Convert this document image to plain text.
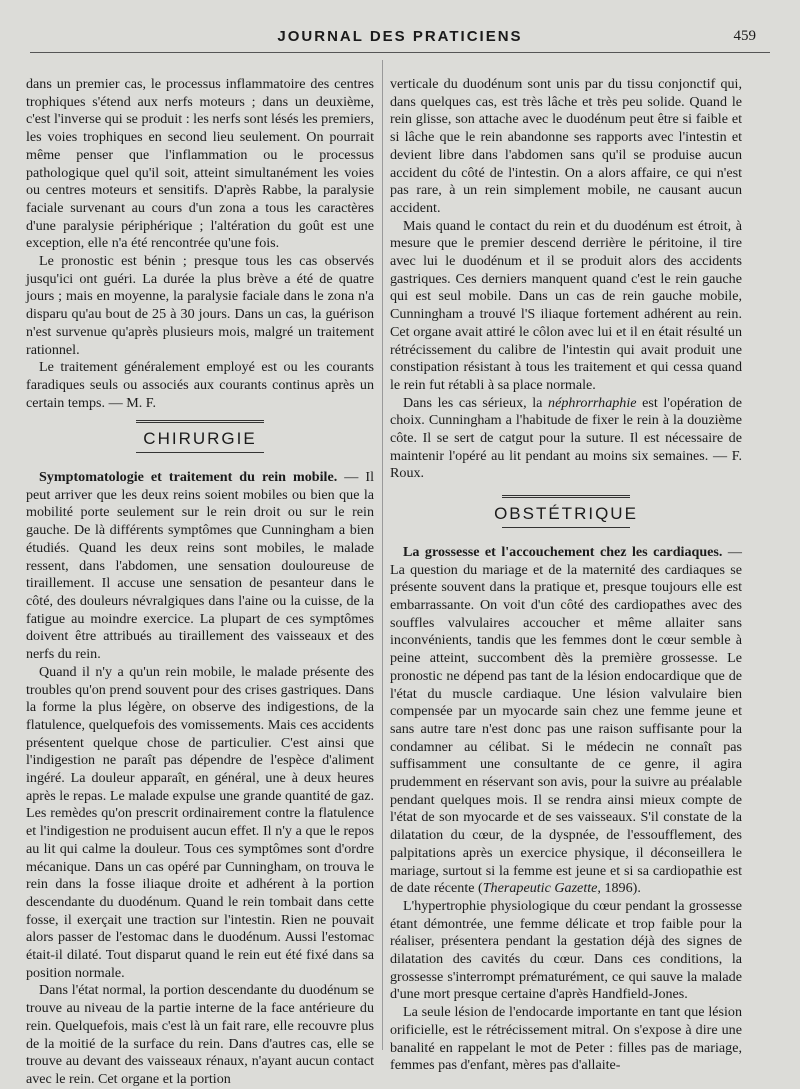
JOURNAL DES PRATICIENS	459

dans un premier cas, le processus inflammatoire des centres trophiques s'étend aux nerfs moteurs ; dans un deuxième, c'est l'inverse qui se produit : les nerfs sont lésés les premiers, les voies trophiques en second lieu seulement. On pourrait même penser que l'inflammation ou le processus pathologique quel qu'il soit, atteint simultanément les voies ou centres moteurs et sensitifs. D'après Rabbe, la paralysie faciale survenant au cours d'un zona a tous les caractères d'une paralysie périphérique ; l'altération du goût est une exception, elle n'a été rencontrée qu'une fois.

Le pronostic est bénin ; presque tous les cas observés jusqu'ici ont guéri. La durée la plus brève a été de quatre jours ; mais en moyenne, la paralysie faciale dans le zona n'a disparu qu'au bout de 25 à 30 jours. Dans un cas, la guérison n'est survenue qu'après plusieurs mois, malgré un traitement rationnel.

Le traitement généralement employé est ou les courants faradiques seuls ou associés aux courants continus après un certain temps. — M. F.

CHIRURGIE

Symptomatologie et traitement du rein mobile. — Il peut arriver que les deux reins soient mobiles ou bien que la mobilité porte seulement sur le rein droit ou sur le rein gauche. De là différents symptômes que Cunningham a bien étudiés. Quand les deux reins sont mobiles, le malade ressent, dans l'abdomen, une sensation douloureuse de tiraillement. Il accuse une sensation de pesanteur dans le côté, des douleurs névralgiques dans l'aine ou la cuisse, de la fatigue au moindre exercice. La plupart de ces symptômes doivent être attribués au tiraillement des vaisseaux et des nerfs du rein.

Quand il n'y a qu'un rein mobile, le malade présente des troubles qu'on prend souvent pour des crises gastriques. Dans la forme la plus légère, on observe des indigestions, de la flatulence, quelquefois des vomissements. Mais ces accidents présentent quelque chose de particulier. C'est ainsi que l'indigestion ne paraît pas dépendre de l'espèce d'aliment ingéré. La douleur apparaît, en général, une à deux heures après le repas. Le malade expulse une grande quantité de gaz. Les remèdes qu'on prescrit ordinairement contre la flatulence et l'indigestion ne produisent aucun effet. Il n'y a que le repos au lit qui calme la douleur. Tous ces symptômes sont d'ordre mécanique. Dans un cas opéré par Cunningham, on trouva le rein dans la fosse iliaque droite et adhérent à la portion descendante du duodénum. Quand le rein tombait dans cette fosse, il exerçait une traction sur l'intestin. Rien ne pouvait alors passer de l'estomac dans le duodénum. Aussi l'estomac était-il dilaté. Tout disparut quand le rein eut été fixé dans sa position normale.

Dans l'état normal, la portion descendante du duodénum se trouve au niveau de la partie interne de la face antérieure du rein. Quelquefois, mais c'est là un fait rare, elle recouvre plus de la moitié de la surface du rein. Dans d'autres cas, elle se trouve au devant des vaisseaux rénaux, n'ayant aucun contact avec le rein. Cet organe et la portion

verticale du duodénum sont unis par du tissu conjonctif qui, dans quelques cas, est très lâche et très peu solide. Quand le rein glisse, son attache avec le duodénum peut être si faible et si lâche que le rein abandonne ses rapports avec l'intestin et devient libre dans l'abdomen sans qu'il se produise aucun accident du côté de l'intestin. On a alors affaire, ce qui n'est pas rare, à un rein simplement mobile, ne causant aucun accident.

Mais quand le contact du rein et du duodénum est étroit, à mesure que le premier descend derrière le péritoine, il tire avec lui le duodénum et il se produit alors des accidents gastriques. Ces derniers manquent quand c'est le rein gauche qui est seul mobile. Dans un cas de rein gauche mobile, Cunningham a trouvé l'S iliaque fortement adhérent au rein. Cet organe avait attiré le côlon avec lui et il en était résulté un rétrécissement du calibre de l'intestin qui avait produit une constipation résistant à tous les traitement et qui cessa quand le rein fut rétabli à sa place normale.

Dans les cas sérieux, la néphrorrhaphie est l'opération de choix. Cunningham a l'habitude de fixer le rein à la douzième côte. Il se sert de catgut pour la suture. Il est nécessaire de maintenir l'opéré au lit pendant au moins six semaines. — F. Roux.

OBSTÉTRIQUE

La grossesse et l'accouchement chez les cardiaques. — La question du mariage et de la maternité des cardiaques se présente souvent dans la pratique et, presque toujours elle est embarrassante. On voit d'un côté des cardiopathes avec des souffles valvulaires accoucher et même allaiter sans inconvénients, tandis que les femmes dont le cœur semble à peine atteint, succombent dès la première grossesse. Le pronostic ne dépend pas tant de la lésion endocardique que de l'état du muscle cardiaque. Une lésion valvulaire bien compensée par un myocarde sain chez une femme jeune et sans autre tare n'est donc pas une raison suffisante pour la condamner au célibat. Si le médecin ne connaît pas suffisamment une consultante de ce genre, il agira prudemment en réservant son avis, pour la suivre au préalable pendant quelques mois. Il se rendra ainsi mieux compte de l'état de son myocarde et de ses vaisseaux. S'il constate de la dilatation du cœur, de la dyspnée, de l'essoufflement, des palpitations après un exercice physique, il déconseillera le mariage, surtout si la femme est jeune et si sa cardiopathie est de date récente (Therapeutic Gazette, 1896).

L'hypertrophie physiologique du cœur pendant la grossesse étant démontrée, une femme délicate et trop faible pour la réaliser, présentera pendant la gestation déjà des signes de dilatation des cavités du cœur. Dans ces conditions, la grossesse s'interrompt prématurément, ce qui sauve la malade d'une mort presque certaine d'après Handfield-Jones.

La seule lésion de l'endocarde importante en tant que lésion orificielle, est le rétrécissement mitral. On s'expose à dire une banalité en rappelant le mot de Peter : filles pas de mariage, femmes pas d'enfant, mères pas d'allaite-
